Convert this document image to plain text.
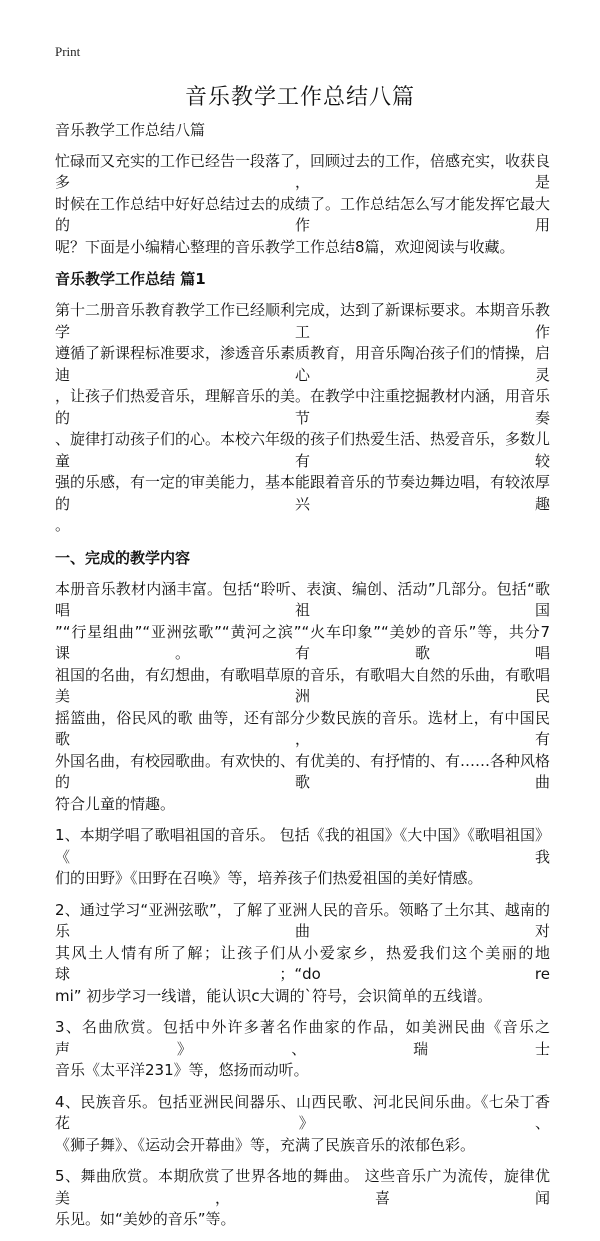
Print
音乐教学工作总结八篇
音乐教学工作总结八篇
忙碌而又充实的工作已经告一段落了，回顾过去的工作，倍感充实，收获良多，是
时候在工作总结中好好总结过去的成绩了。工作总结怎么写才能发挥它最大的作用
呢？下面是小编精心整理的音乐教学工作总结8篇，欢迎阅读与收藏。
音乐教学工作总结 篇1
第十二册音乐教育教学工作已经顺利完成，达到了新课标要求。本期音乐教学工作
遵循了新课程标准要求，渗透音乐素质教育，用音乐陶冶孩子们的情操，启迪心灵
，让孩子们热爱音乐，理解音乐的美。在教学中注重挖掘教材内涵，用音乐的节奏
、旋律打动孩子们的心。本校六年级的孩子们热爱生活、热爱音乐，多数儿童有较
强的乐感，有一定的审美能力，基本能跟着音乐的节奏边舞边唱，有较浓厚的兴趣
。
一、完成的教学内容
本册音乐教材内涵丰富。包括“聆听、表演、编创、活动”几部分。包括“歌唱祖国
”“行星组曲”“亚洲弦歌”“黄河之滨”“火车印象”“美妙的音乐”等，共分7课。有歌唱
祖国的名曲，有幻想曲，有歌唱草原的音乐，有歌唱大自然的乐曲，有歌唱美洲民
摇篮曲，俗民风的歌 曲等，还有部分少数民族的音乐。选材上，有中国民歌，有
外国名曲，有校园歌曲。有欢快的、有优美的、有抒情的、有……各种风格的歌曲
符合儿童的情趣。
1、本期学唱了歌唱祖国的音乐。 包括《我的祖国》《大中国》《歌唱祖国》《我
们的田野》《田野在召唤》等，培养孩子们热爱祖国的美好情感。
2、通过学习“亚洲弦歌”，了解了亚洲人民的音乐。领略了土尔其、越南的乐曲对
其风土人情有所了解；让孩子们从小爱家乡，热爱我们这个美丽的地球；“do re
mi” 初步学习一线谱，能认识c大调的`符号，会识简单的五线谱。
3、名曲欣赏。包括中外许多著名作曲家的作品，如美洲民曲《音乐之声》、瑞士
音乐《太平洋231》等，悠扬而动听。
4、民族音乐。包括亚洲民间器乐、山西民歌、河北民间乐曲。《七朵丁香花》、
《狮子舞》、《运动会开幕曲》等，充满了民族音乐的浓郁色彩。
5、舞曲欣赏。本期欣赏了世界各地的舞曲。 这些音乐广为流传，旋律优美，喜闻
乐见。如“美妙的音乐”等。
